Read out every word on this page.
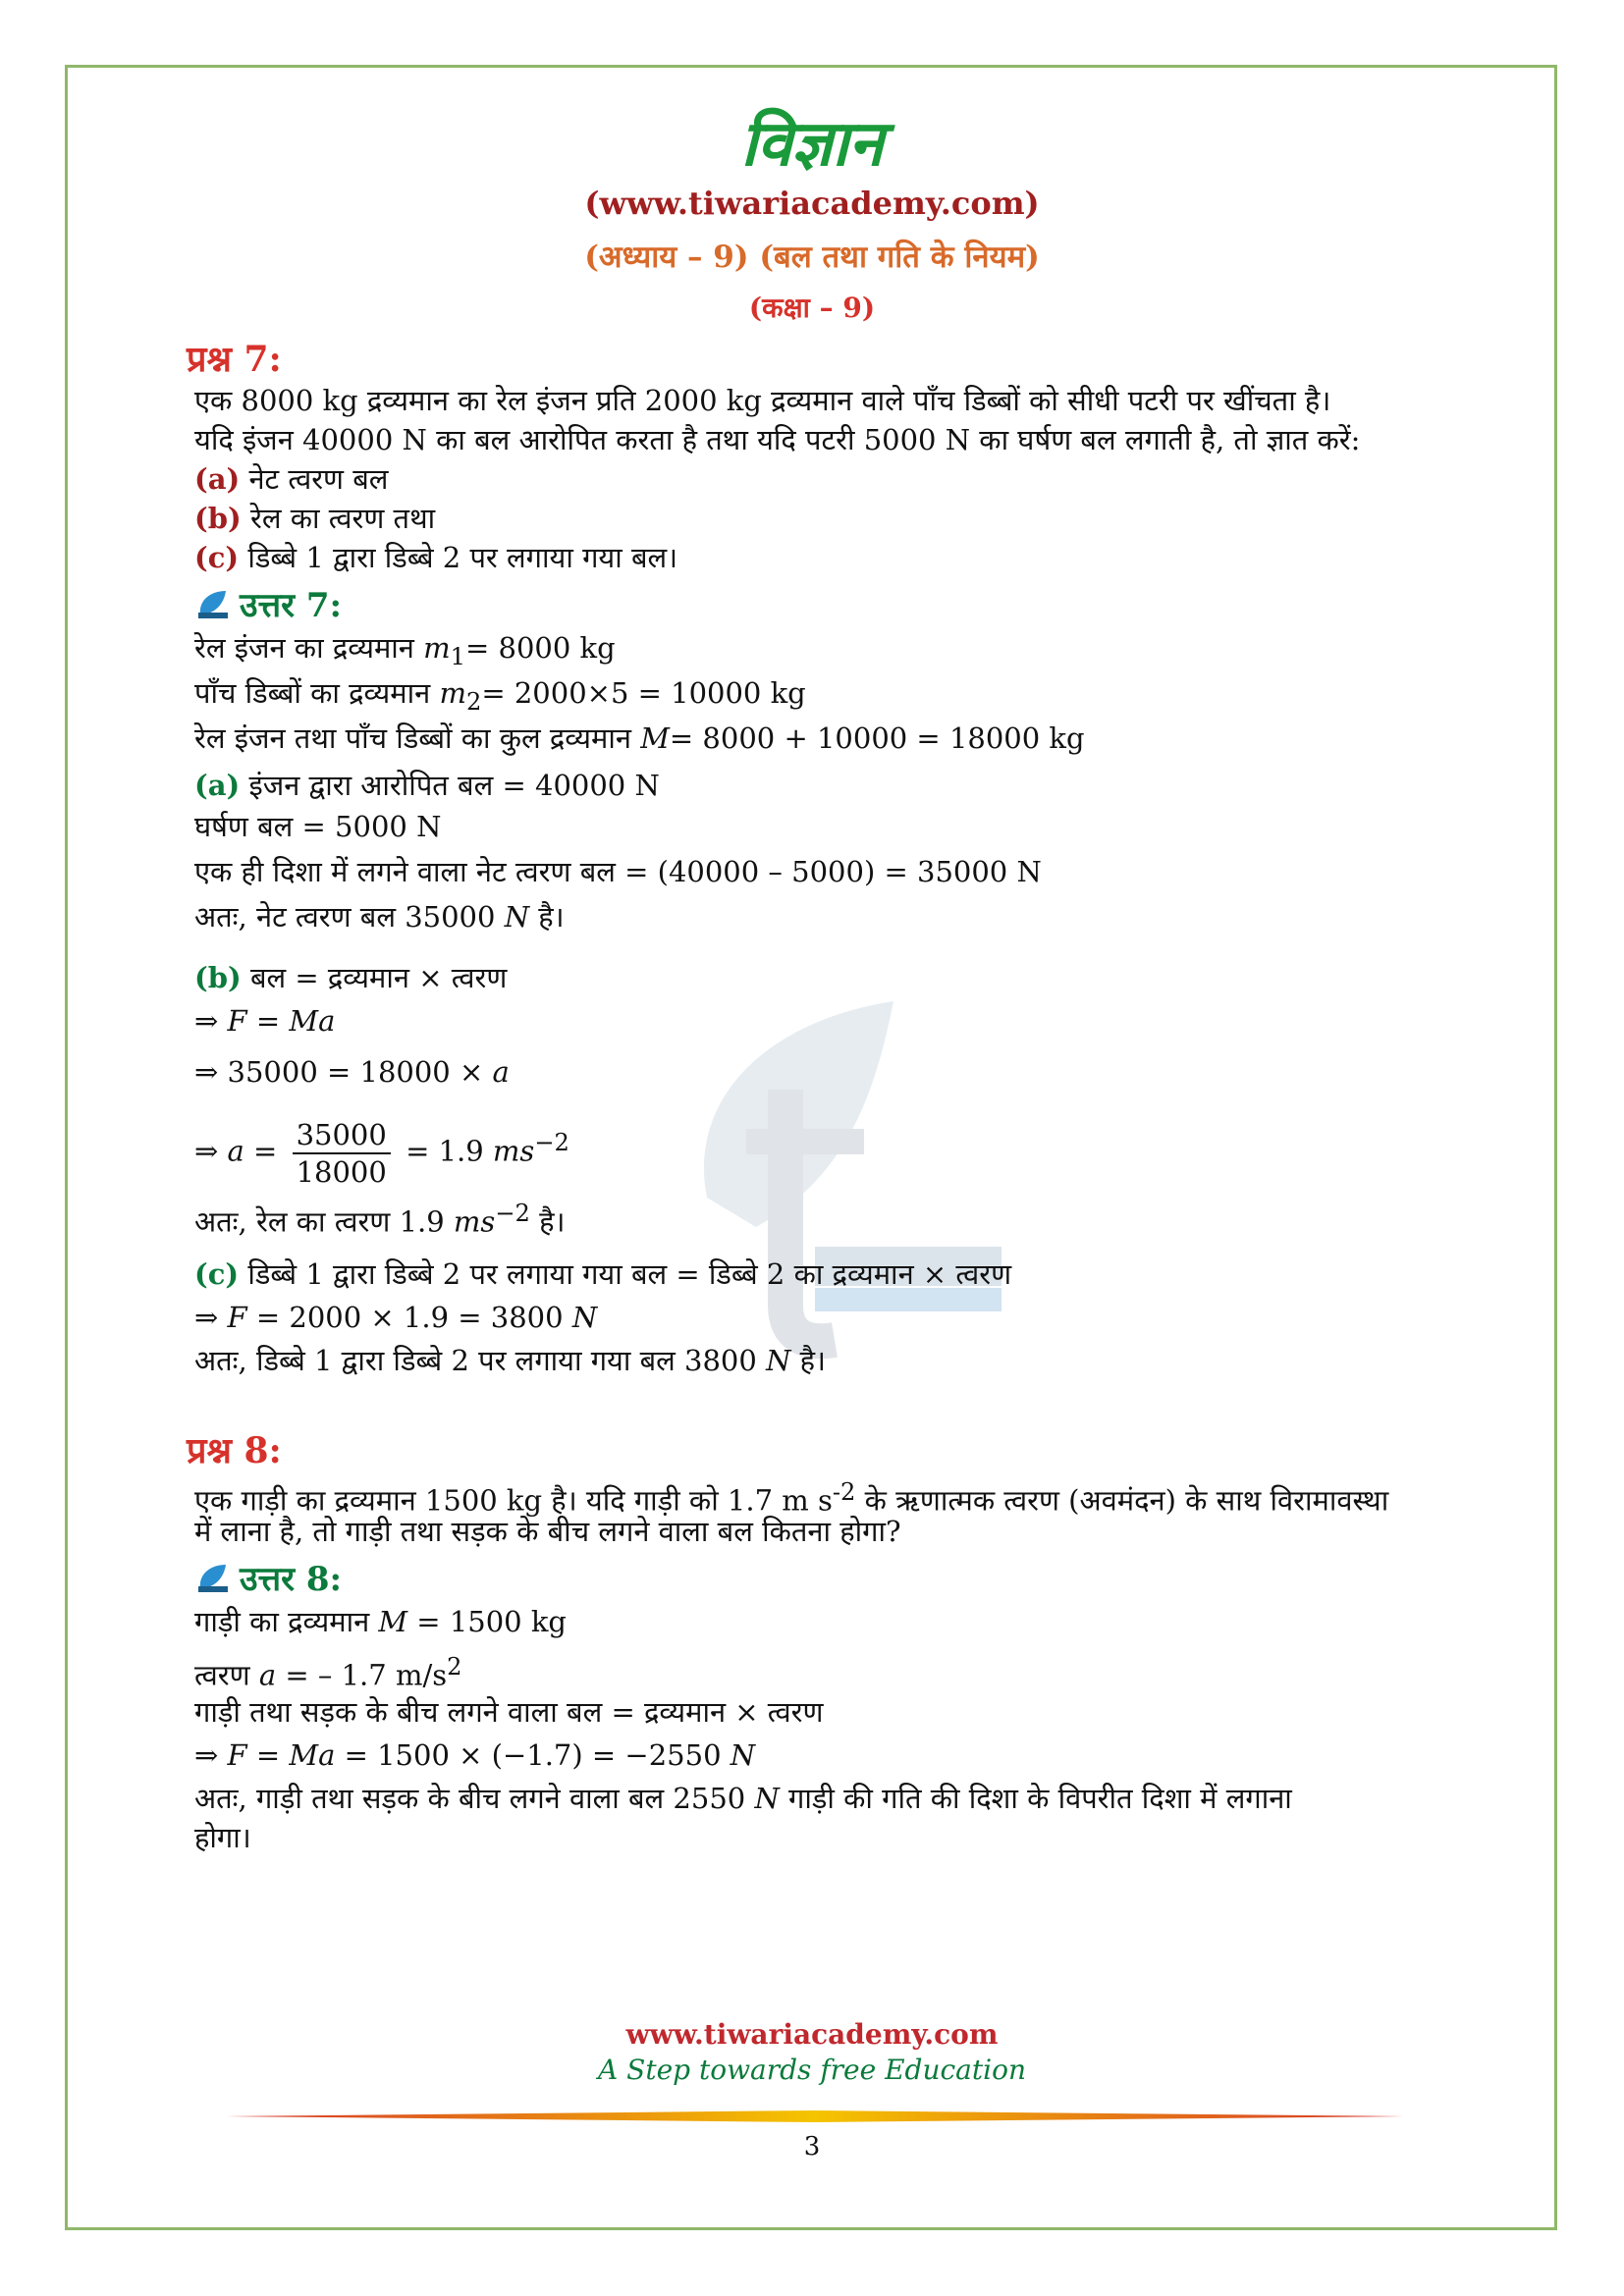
विज्ञान
(www.tiwariacademy.com)
(अध्याय – 9) (बल तथा गति के नियम)
(कक्षा – 9)
प्रश्न 7:
एक 8000 kg द्रव्यमान का रेल इंजन प्रति 2000 kg द्रव्यमान वाले पाँच डिब्बों को सीधी पटरी पर खींचता है।
यदि इंजन 40000 N का बल आरोपित करता है तथा यदि पटरी 5000 N का घर्षण बल लगाती है, तो ज्ञात करें:
(a) नेट त्वरण बल
(b) रेल का त्वरण तथा
(c) डिब्बे 1 द्वारा डिब्बे 2 पर लगाया गया बल।
उत्तर 7:
रेल इंजन का द्रव्यमान $m_1= 8000$ kg
पाँच डिब्बों का द्रव्यमान $m_2= 2000\times 5 = 10000$ kg
रेल इंजन तथा पाँच डिब्बों का कुल द्रव्यमान M= 8000 + 10000 = 18000 kg
(a) इंजन द्वारा आरोपित बल = 40000 N
घर्षण बल = 5000 N
एक ही दिशा में लगने वाला नेट त्वरण बल = (40000 – 5000) = 35000 N
अतः, नेट त्वरण बल 35000 N है।
(b) बल = द्रव्यमान × त्वरण
⇒ F = Ma
⇒ 35000 = 18000 × a
⇒ $a = \frac{35000}{18000} = 1.9$ $ms^{-2}$
अतः, रेल का त्वरण 1.9 $ms^{-2}$ है।
(c) डिब्बे 1 द्वारा डिब्बे 2 पर लगाया गया बल = डिब्बे 2 का द्रव्यमान × त्वरण
⇒ F = 2000 × 1.9 = 3800 N
अतः, डिब्बे 1 द्वारा डिब्बे 2 पर लगाया गया बल 3800 N है।
प्रश्न 8:
एक गाड़ी का द्रव्यमान 1500 kg है। यदि गाड़ी को 1.7 m $s^{-2}$ के ऋणात्मक त्वरण (अवमंदन) के साथ विरामावस्था
में लाना है, तो गाड़ी तथा सड़क के बीच लगने वाला बल कितना होगा?
उत्तर 8:
गाड़ी का द्रव्यमान M = 1500 kg
त्वरण a = – 1.7 $m/s^2$
गाड़ी तथा सड़क के बीच लगने वाला बल = द्रव्यमान × त्वरण
⇒ F = Ma = 1500 × (−1.7) = −2550 N
अतः, गाड़ी तथा सड़क के बीच लगने वाला बल 2550 N गाड़ी की गति की दिशा के विपरीत दिशा में लगाना
होगा।
www.tiwariacademy.com
A Step towards free Education
3
